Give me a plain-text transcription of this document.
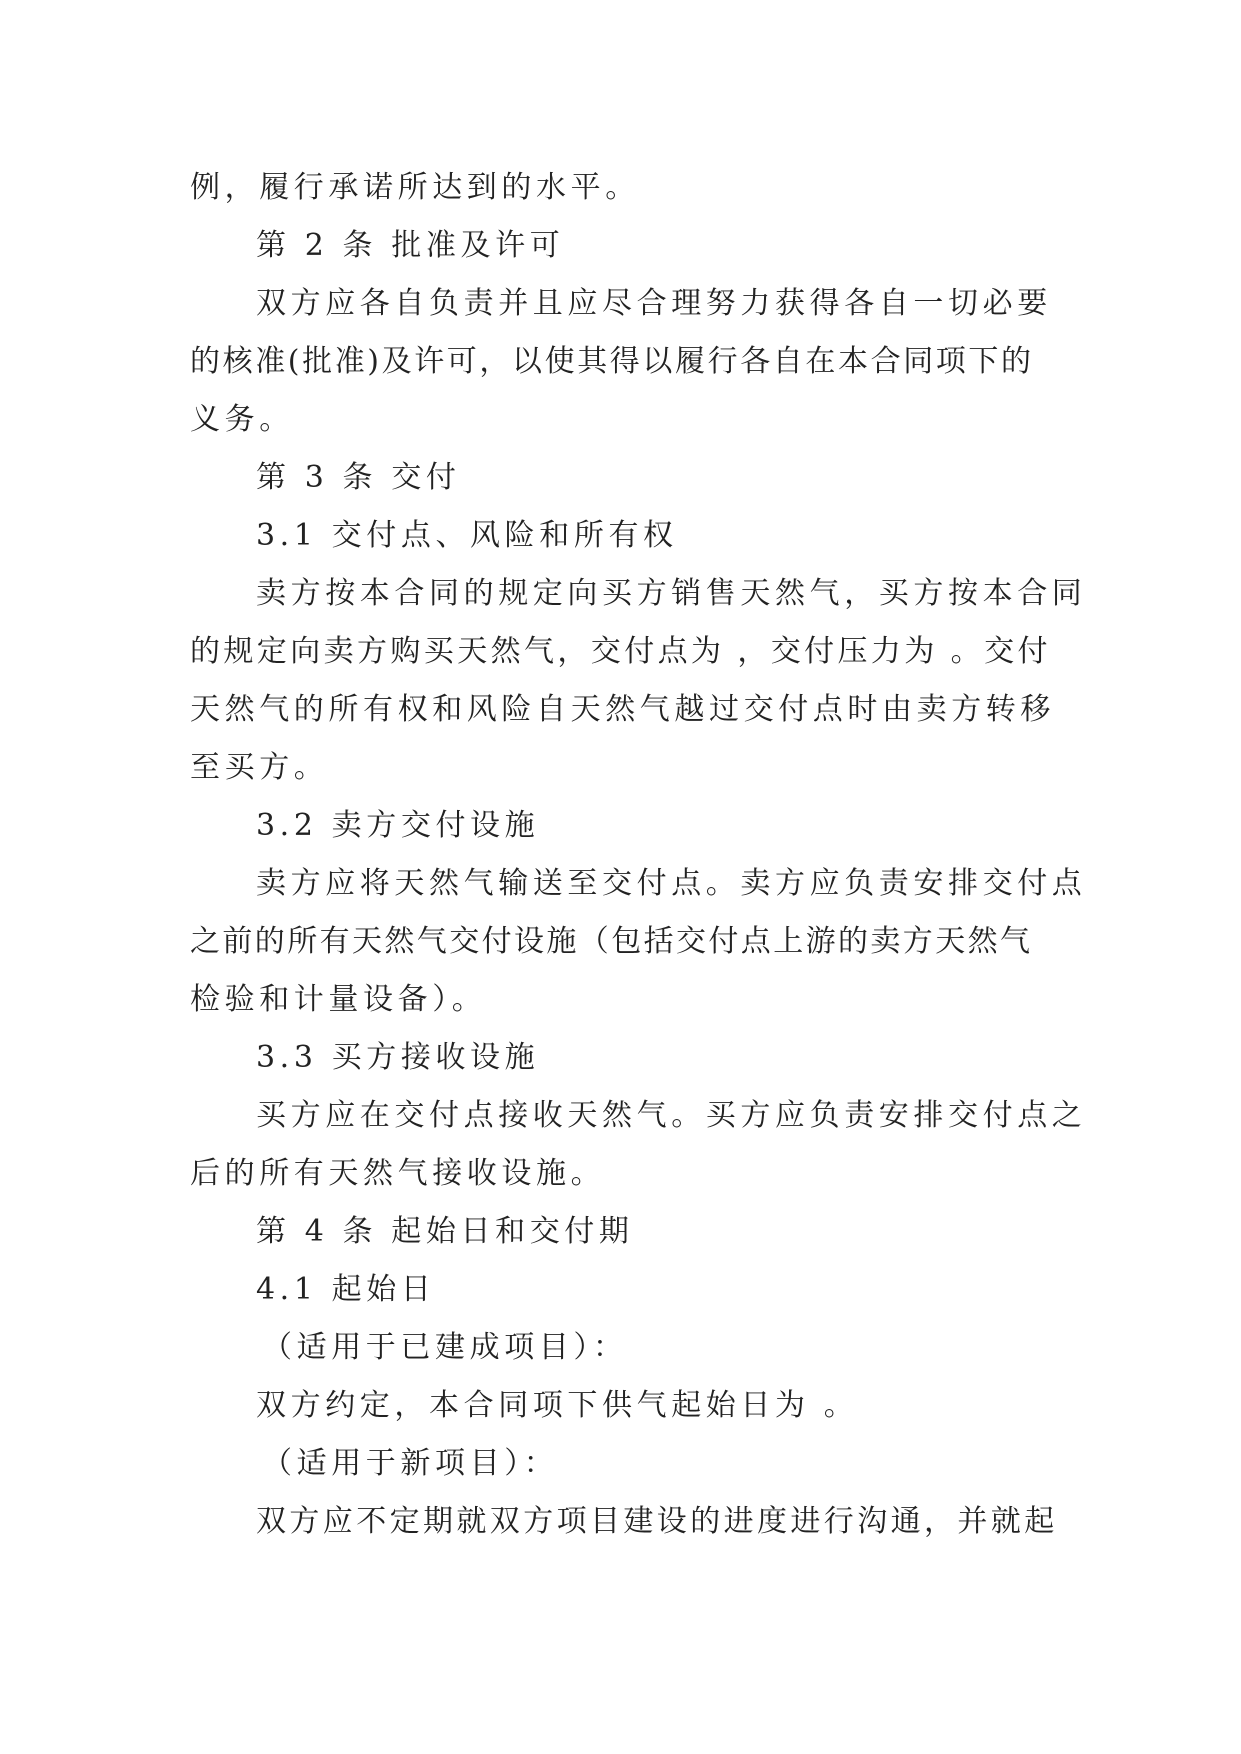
例，履行承诺所达到的水平。
第 2 条 批准及许可
双方应各自负责并且应尽合理努力获得各自一切必要
的核准(批准)及许可，以使其得以履行各自在本合同项下的
义务。
第 3 条 交付
3.1 交付点、风险和所有权
卖方按本合同的规定向买方销售天然气，买方按本合同
的规定向卖方购买天然气，交付点为 ，交付压力为 。交付
天然气的所有权和风险自天然气越过交付点时由卖方转移
至买方。
3.2 卖方交付设施
卖方应将天然气输送至交付点。卖方应负责安排交付点
之前的所有天然气交付设施（包括交付点上游的卖方天然气
检验和计量设备）。
3.3 买方接收设施
买方应在交付点接收天然气。买方应负责安排交付点之
后的所有天然气接收设施。
第 4 条 起始日和交付期
4.1 起始日
（适用于已建成项目）：
双方约定，本合同项下供气起始日为 。
（适用于新项目）：
双方应不定期就双方项目建设的进度进行沟通，并就起
